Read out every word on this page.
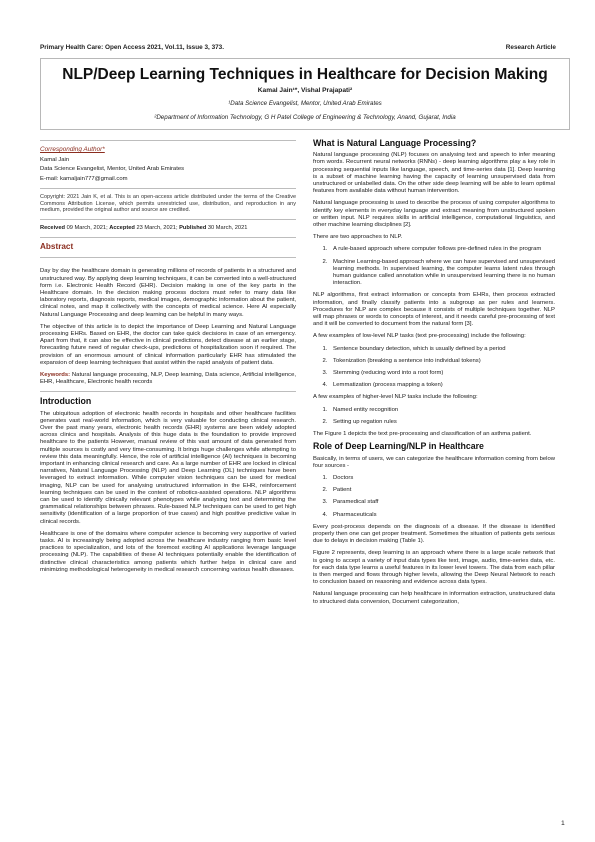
Primary Health Care: Open Access 2021, Vol.11, Issue 3, 373.	Research Article
NLP/Deep Learning Techniques in Healthcare for Decision Making
Kamal Jain¹*, Vishal Prajapati²
¹Data Science Evangelist, Mentor, United Arab Emirates
²Department of Information Technology, G H Patel College of Engineering & Technology, Anand, Gujarat, India
Corresponding Author*
Kamal Jain
Data Science Evangelist, Mentor, United Arab Emirates
E-mail: kamaljain777@gmail.com

Copyright: 2021 Jain K, et al. This is an open-access article distributed under the terms of the Creative Commons Attribution License, which permits unrestricted use, distribution, and reproduction in any medium, provided the original author and source are credited.

Received 09 March, 2021; Accepted 23 March, 2021; Published 30 March, 2021

Abstract

Day by day the healthcare domain is generating millions of records of patients in a structured and unstructured way. By applying deep learning techniques, it can be converted into a well-structured form i.e. Electronic Health Record (EHR). Decision making is one of the key parts in the Healthcare domain. In the decision making process doctors must refer to many data like laboratory reports, diagnosis reports, medical images, demographic information about the patient, clinical notes, and map it collectively with the concepts of medical science. Here AI especially Natural Language Processing and deep learning can be helpful in many ways.

The objective of this article is to depict the importance of Deep Learning and Natural Language processing EHRs. Based on EHR, the doctor can take quick decisions in case of an emergency. Apart from that, it can also be effective in clinical predictions, detect disease at an earlier stage, forecasting future need of regular check-ups, predictions of hospitalization soon if required. The provision of an enormous amount of clinical information particularly EHR has stimulated the expansion of deep learning techniques that assist within the rapid analysis of patient data.

Keywords: Natural language processing, NLP, Deep learning, Data science, Artificial intelligence, EHR, Healthcare, Electronic health records

Introduction

The ubiquitous adoption of electronic health records in hospitals and other healthcare facilities generates vast real-world information, which is very valuable for conducting clinical research. Over the past many years, electronic health records (EHR) systems are been widely adopted across clinics and hospitals. Analysis of this huge data is the foundation to provide improved healthcare to the patients However, manual review of this vast amount of data generated from multiple sources is costly and very time-consuming. It brings huge challenges while attempting to review this data meaningfully. Hence, the role of artificial intelligence (AI) techniques is becoming important in enhancing clinical research and care. As a large number of EHR are locked in clinical narratives, Natural Language Processing (NLP) and Deep Learning (DL) techniques have been leveraged to extract information. While computer vision techniques can be used for medical imaging, NLP can be used for analysing unstructured information in the EHR, reinforcement learning techniques can be used in the context of robotics-assisted operations. NLP algorithms can be used to identify clinically relevant phenotypes while analysing text and determining the grammatical relationships between phrases. Rule-based NLP techniques can be used to get high sensitivity (identification of a large proportion of true cases) and high positive predictive value in clinical records.

Healthcare is one of the domains where computer science is becoming very supportive of varied tasks. AI is increasingly being adopted across the healthcare industry ranging from basic level practices to specialization, and lots of the foremost exciting AI applications leverage language processing (NLP). The capabilities of these AI techniques potentially enable the identification of distinctive clinical characteristics among patients which further helps in clinical care and minimizing methodological heterogeneity in medical research concerning various health diseases.

What is Natural Language Processing?

Natural language processing (NLP) focuses on analysing text and speech to infer meaning from words. Recurrent neural networks (RNNs) - deep learning algorithms play a key role in processing sequential inputs like language, speech, and time-series data [1]. Deep learning is a subset of machine learning having the capacity of learning unsupervised data from unstructured or unlabelled data. On the other side deep learning will be able to learn optimal features from available data without human intervention.

Natural language processing is used to describe the process of using computer algorithms to identify key elements in everyday language and extract meaning from unstructured spoken or written input. NLP requires skills in artificial intelligence, computational linguistics, and other machine learning disciplines [2].

There are two approaches to NLP.

1. A rule-based approach where computer follows pre-defined rules in the program
2. Machine Learning-based approach where we can have supervised and unsupervised learning methods. In supervised learning, the computer learns latent rules through human guidance called annotation while in unsupervised learning there is no human interaction.

NLP algorithms, first extract information or concepts from EHRs, then process extracted information, and finally classify patients into a subgroup as per rules and learners. Procedures for NLP are complex because it consists of multiple techniques together. NLP will map phrases or words to concepts of interest, and it needs careful pre-processing of text and it will be converted to document from the natural form [3].

A few examples of low-level NLP tasks (text pre-processing) include the following:

1. Sentence boundary detection, which is usually defined by a period
2. Tokenization (breaking a sentence into individual tokens)
3. Stemming (reducing word into a root form)
4. Lemmatization (process mapping a token)

A few examples of higher-level NLP tasks include the following:

1. Named entity recognition
2. Setting up regation rules

The Figure 1 depicts the text pre-processing and classification of an asthma patient.

Role of Deep Learning/NLP in Healthcare

Basically, in terms of users, we can categorize the healthcare information coming from below four sources -

1. Doctors
2. Patient
3. Paramedical staff
4. Pharmaceuticals

Every post-process depends on the diagnosis of a disease. If the disease is identified properly then one can get proper treatment. Sometimes the situation of patients gets serious due to delays in decision making (Table 1).

Figure 2 represents, deep learning is an approach where there is a large scale network that is going to accept a variety of input data types like text, image, audio, time-series data, etc. for each data type learns a useful features in its lower level towers. The data from each pillar is then merged and flows through higher levels, allowing the Deep Neural Network to reach to conclusion based on reasoning and evidence across data types.

Natural language processing can help healthcare in information extraction, unstructured data to structured data conversion, Document categorization,

1
